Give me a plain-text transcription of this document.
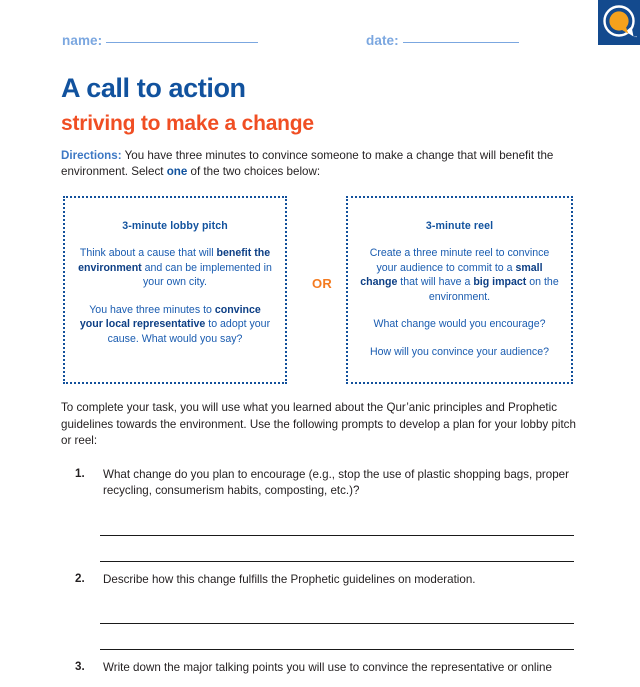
™
name:	date:
A call to action
striving to make a change
Directions: You have three minutes to convince someone to make a change that will benefit the environment. Select one of the two choices below:
3-minute lobby pitch
Think about a cause that will benefit the environment and can be implemented in your own city.
You have three minutes to convince your local representative to adopt your cause. What would you say?
OR
3-minute reel
Create a three minute reel to convince your audience to commit to a small change that will have a big impact on the environment.
What change would you encourage?
How will you convince your audience?
To complete your task, you will use what you learned about the Qur’anic principles and Prophetic guidelines towards the environment. Use the following prompts to develop a plan for your lobby pitch or reel:
1. What change do you plan to encourage (e.g., stop the use of plastic shopping bags, proper recycling, consumerism habits, composting, etc.)?

2. Describe how this change fulfills the Prophetic guidelines on moderation.

3. Write down the major talking points you will use to convince the representative or online
